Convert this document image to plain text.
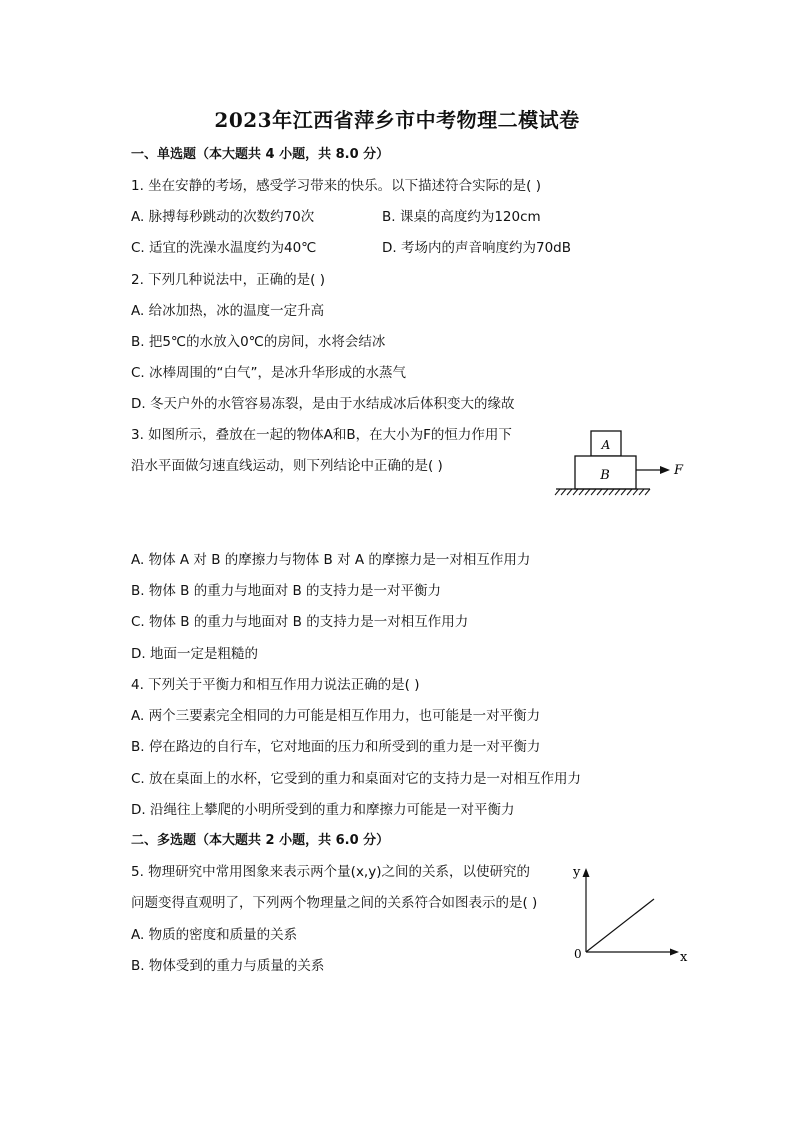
2023年江西省萍乡市中考物理二模试卷
一、单选题（本大题共 4 小题，共 8.0 分）
1. 坐在安静的考场，感受学习带来的快乐。以下描述符合实际的是( )
A. 脉搏每秒跳动的次数约70次	B. 课桌的高度约为120cm
C. 适宜的洗澡水温度约为40℃	D. 考场内的声音响度约为70dB
2. 下列几种说法中，正确的是( )
A. 给冰加热，冰的温度一定升高
B. 把5℃的水放入0℃的房间，水将会结冰
C. 冰棒周围的“白气”，是冰升华形成的水蒸气
D. 冬天户外的水管容易冻裂，是由于水结成冰后体积变大的缘故
3. 如图所示，叠放在一起的物体A和B，在大小为F的恒力作用下
沿水平面做匀速直线运动，则下列结论中正确的是( )
A
B	F
A. 物体 A 对 B 的摩擦力与物体 B 对 A 的摩擦力是一对相互作用力
B. 物体 B 的重力与地面对 B 的支持力是一对平衡力
C. 物体 B 的重力与地面对 B 的支持力是一对相互作用力
D. 地面一定是粗糙的
4. 下列关于平衡力和相互作用力说法正确的是( )
A. 两个三要素完全相同的力可能是相互作用力，也可能是一对平衡力
B. 停在路边的自行车，它对地面的压力和所受到的重力是一对平衡力
C. 放在桌面上的水杯，它受到的重力和桌面对它的支持力是一对相互作用力
D. 沿绳往上攀爬的小明所受到的重力和摩擦力可能是一对平衡力
二、多选题（本大题共 2 小题，共 6.0 分）
5. 物理研究中常用图象来表示两个量(x,y)之间的关系，以使研究的
问题变得直观明了，下列两个物理量之间的关系符合如图表示的是( )
A. 物质的密度和质量的关系
B. 物体受到的重力与质量的关系
y
x
0
